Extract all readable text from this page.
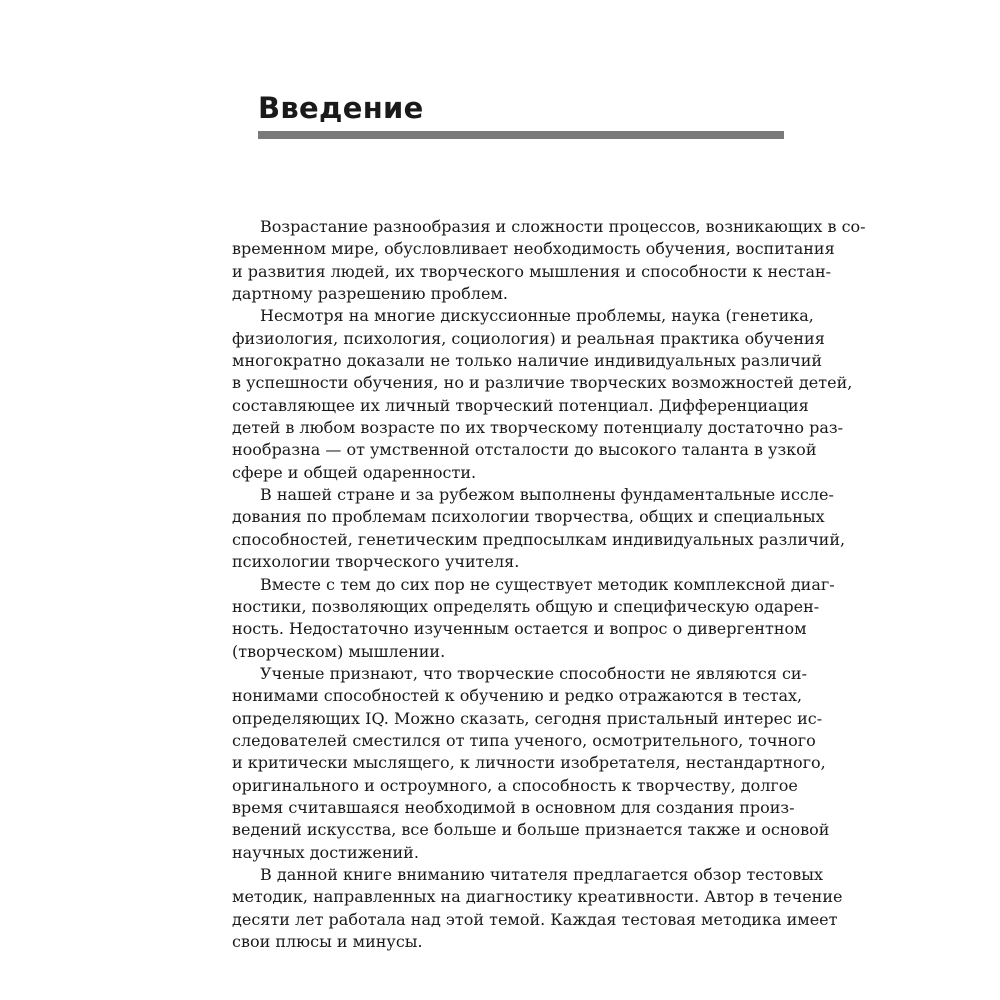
Введение

Возрастание разнообразия и сложности процессов, возникающих в со-
временном мире, обусловливает необходимость обучения, воспитания
и развития людей, их творческого мышления и способности к нестан-
дартному разрешению проблем.

Несмотря на многие дискуссионные проблемы, наука (генетика,
физиология, психология, социология) и реальная практика обучения
многократно доказали не только наличие индивидуальных различий
в успешности обучения, но и различие творческих возможностей детей,
составляющее их личный творческий потенциал. Дифференциация
детей в любом возрасте по их творческому потенциалу достаточно раз-
нообразна — от умственной отсталости до высокого таланта в узкой
сфере и общей одаренности.

В нашей стране и за рубежом выполнены фундаментальные иссле-
дования по проблемам психологии творчества, общих и специальных
способностей, генетическим предпосылкам индивидуальных различий,
психологии творческого учителя.

Вместе с тем до сих пор не существует методик комплексной диаг-
ностики, позволяющих определять общую и специфическую одарен-
ность. Недостаточно изученным остается и вопрос о дивергентном
(творческом) мышлении.

Ученые признают, что творческие способности не являются си-
нонимами способностей к обучению и редко отражаются в тестах,
определяющих IQ. Можно сказать, сегодня пристальный интерес ис-
следователей сместился от типа ученого, осмотрительного, точного
и критически мыслящего, к личности изобретателя, нестандартного,
оригинального и остроумного, а способность к творчеству, долгое
время считавшаяся необходимой в основном для создания произ-
ведений искусства, все больше и больше признается также и основой
научных достижений.

В данной книге вниманию читателя предлагается обзор тестовых
методик, направленных на диагностику креативности. Автор в течение
десяти лет работала над этой темой. Каждая тестовая методика имеет
свои плюсы и минусы.
